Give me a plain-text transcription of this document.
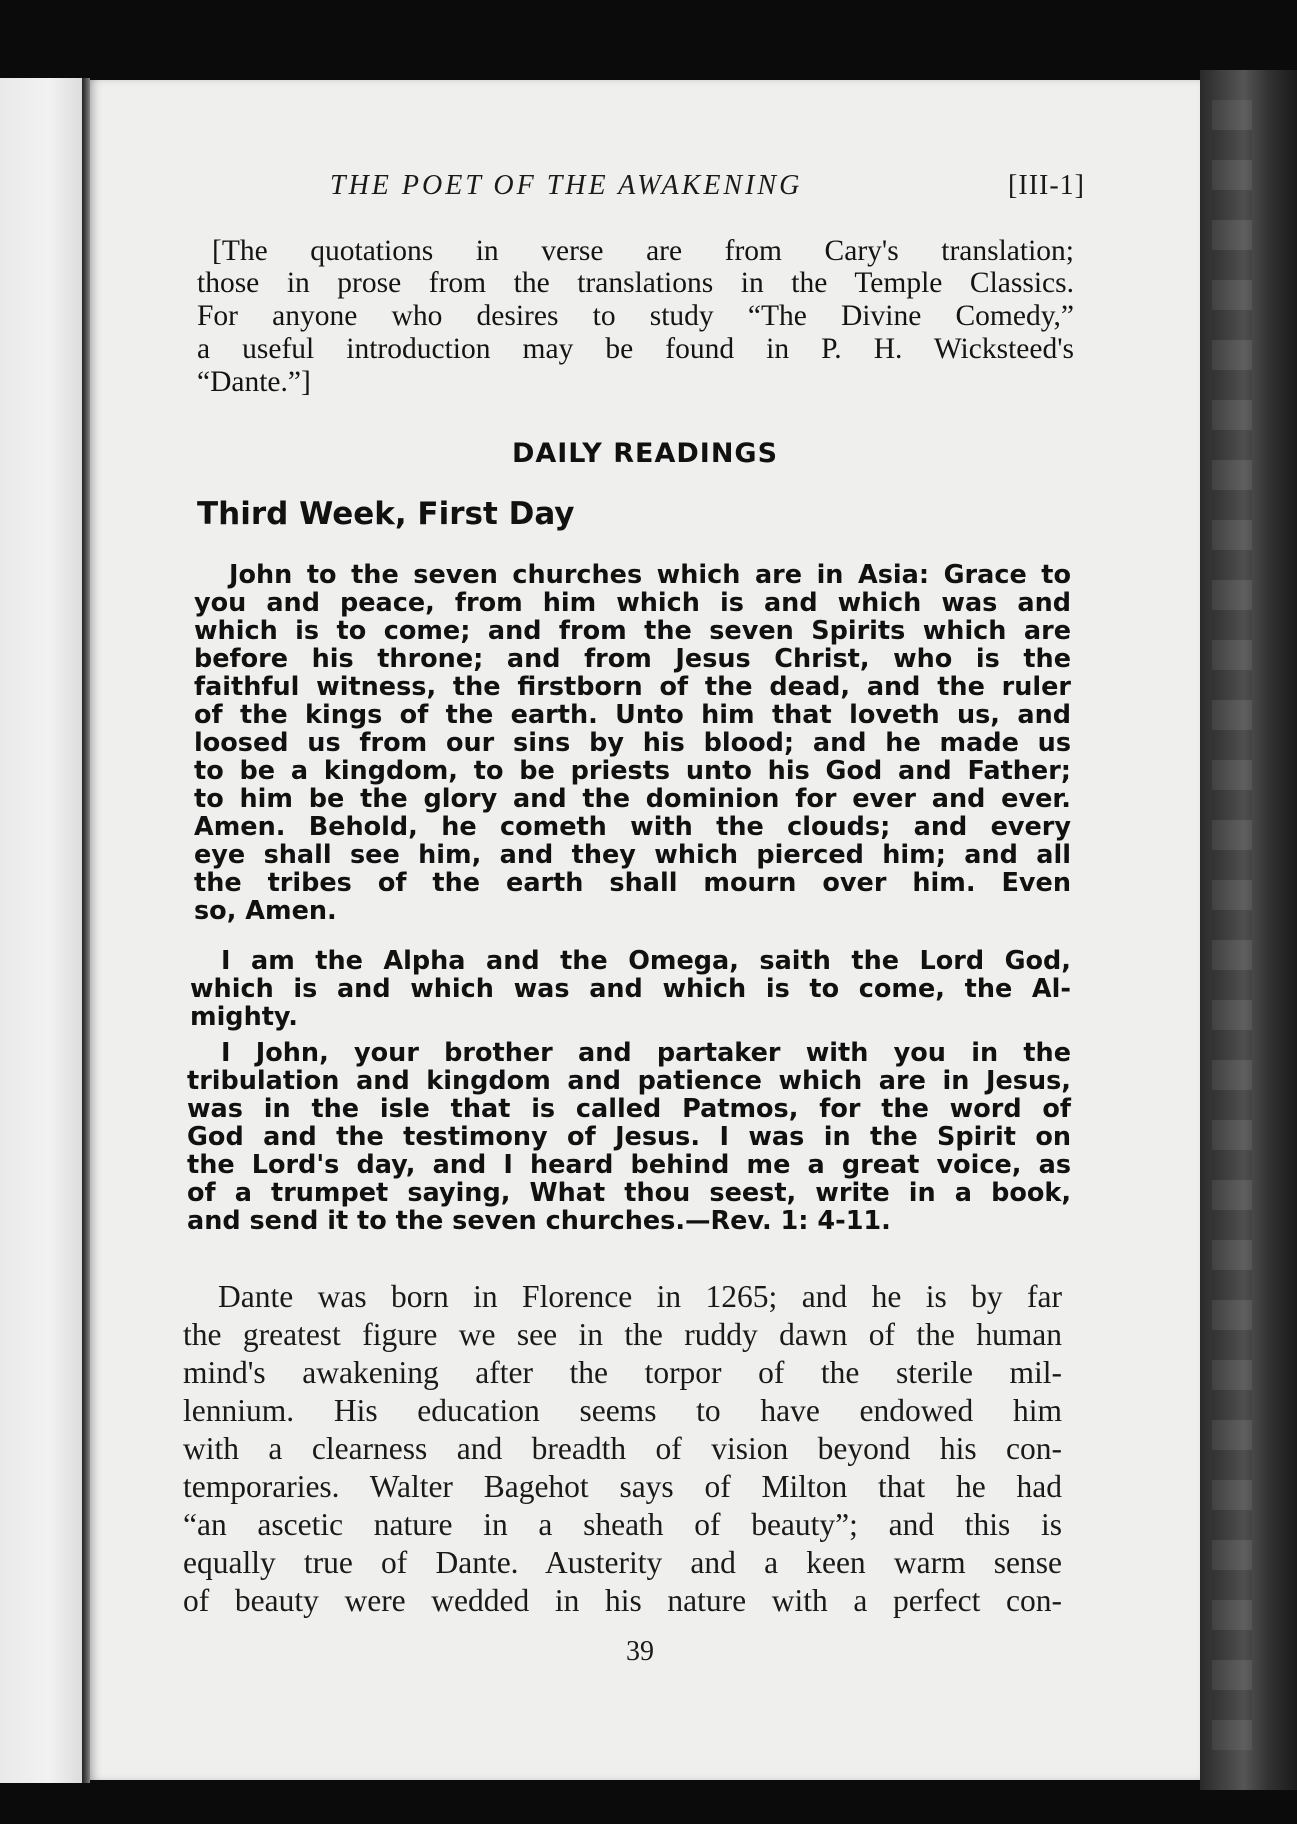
THE POET OF THE AWAKENING	[III-1]
[The quotations in verse are from Cary's translation;
those in prose from the translations in the Temple Classics.
For anyone who desires to study “The Divine Comedy,”
a useful introduction may be found in P. H. Wicksteed's
“Dante.”]
DAILY READINGS
Third Week, First Day
John to the seven churches which are in Asia: Grace to
you and peace, from him which is and which was and
which is to come; and from the seven Spirits which are
before his throne; and from Jesus Christ, who is the
faithful witness, the firstborn of the dead, and the ruler
of the kings of the earth. Unto him that loveth us, and
loosed us from our sins by his blood; and he made us
to be a kingdom, to be priests unto his God and Father;
to him be the glory and the dominion for ever and ever.
Amen. Behold, he cometh with the clouds; and every
eye shall see him, and they which pierced him; and all
the tribes of the earth shall mourn over him. Even
so, Amen.
I am the Alpha and the Omega, saith the Lord God,
which is and which was and which is to come, the Al-
mighty.
I John, your brother and partaker with you in the
tribulation and kingdom and patience which are in Jesus,
was in the isle that is called Patmos, for the word of
God and the testimony of Jesus. I was in the Spirit on
the Lord's day, and I heard behind me a great voice, as
of a trumpet saying, What thou seest, write in a book,
and send it to the seven churches.—Rev. 1: 4-11.
Dante was born in Florence in 1265; and he is by far
the greatest figure we see in the ruddy dawn of the human
mind's awakening after the torpor of the sterile mil-
lennium. His education seems to have endowed him
with a clearness and breadth of vision beyond his con-
temporaries. Walter Bagehot says of Milton that he had
“an ascetic nature in a sheath of beauty”; and this is
equally true of Dante. Austerity and a keen warm sense
of beauty were wedded in his nature with a perfect con-
39
